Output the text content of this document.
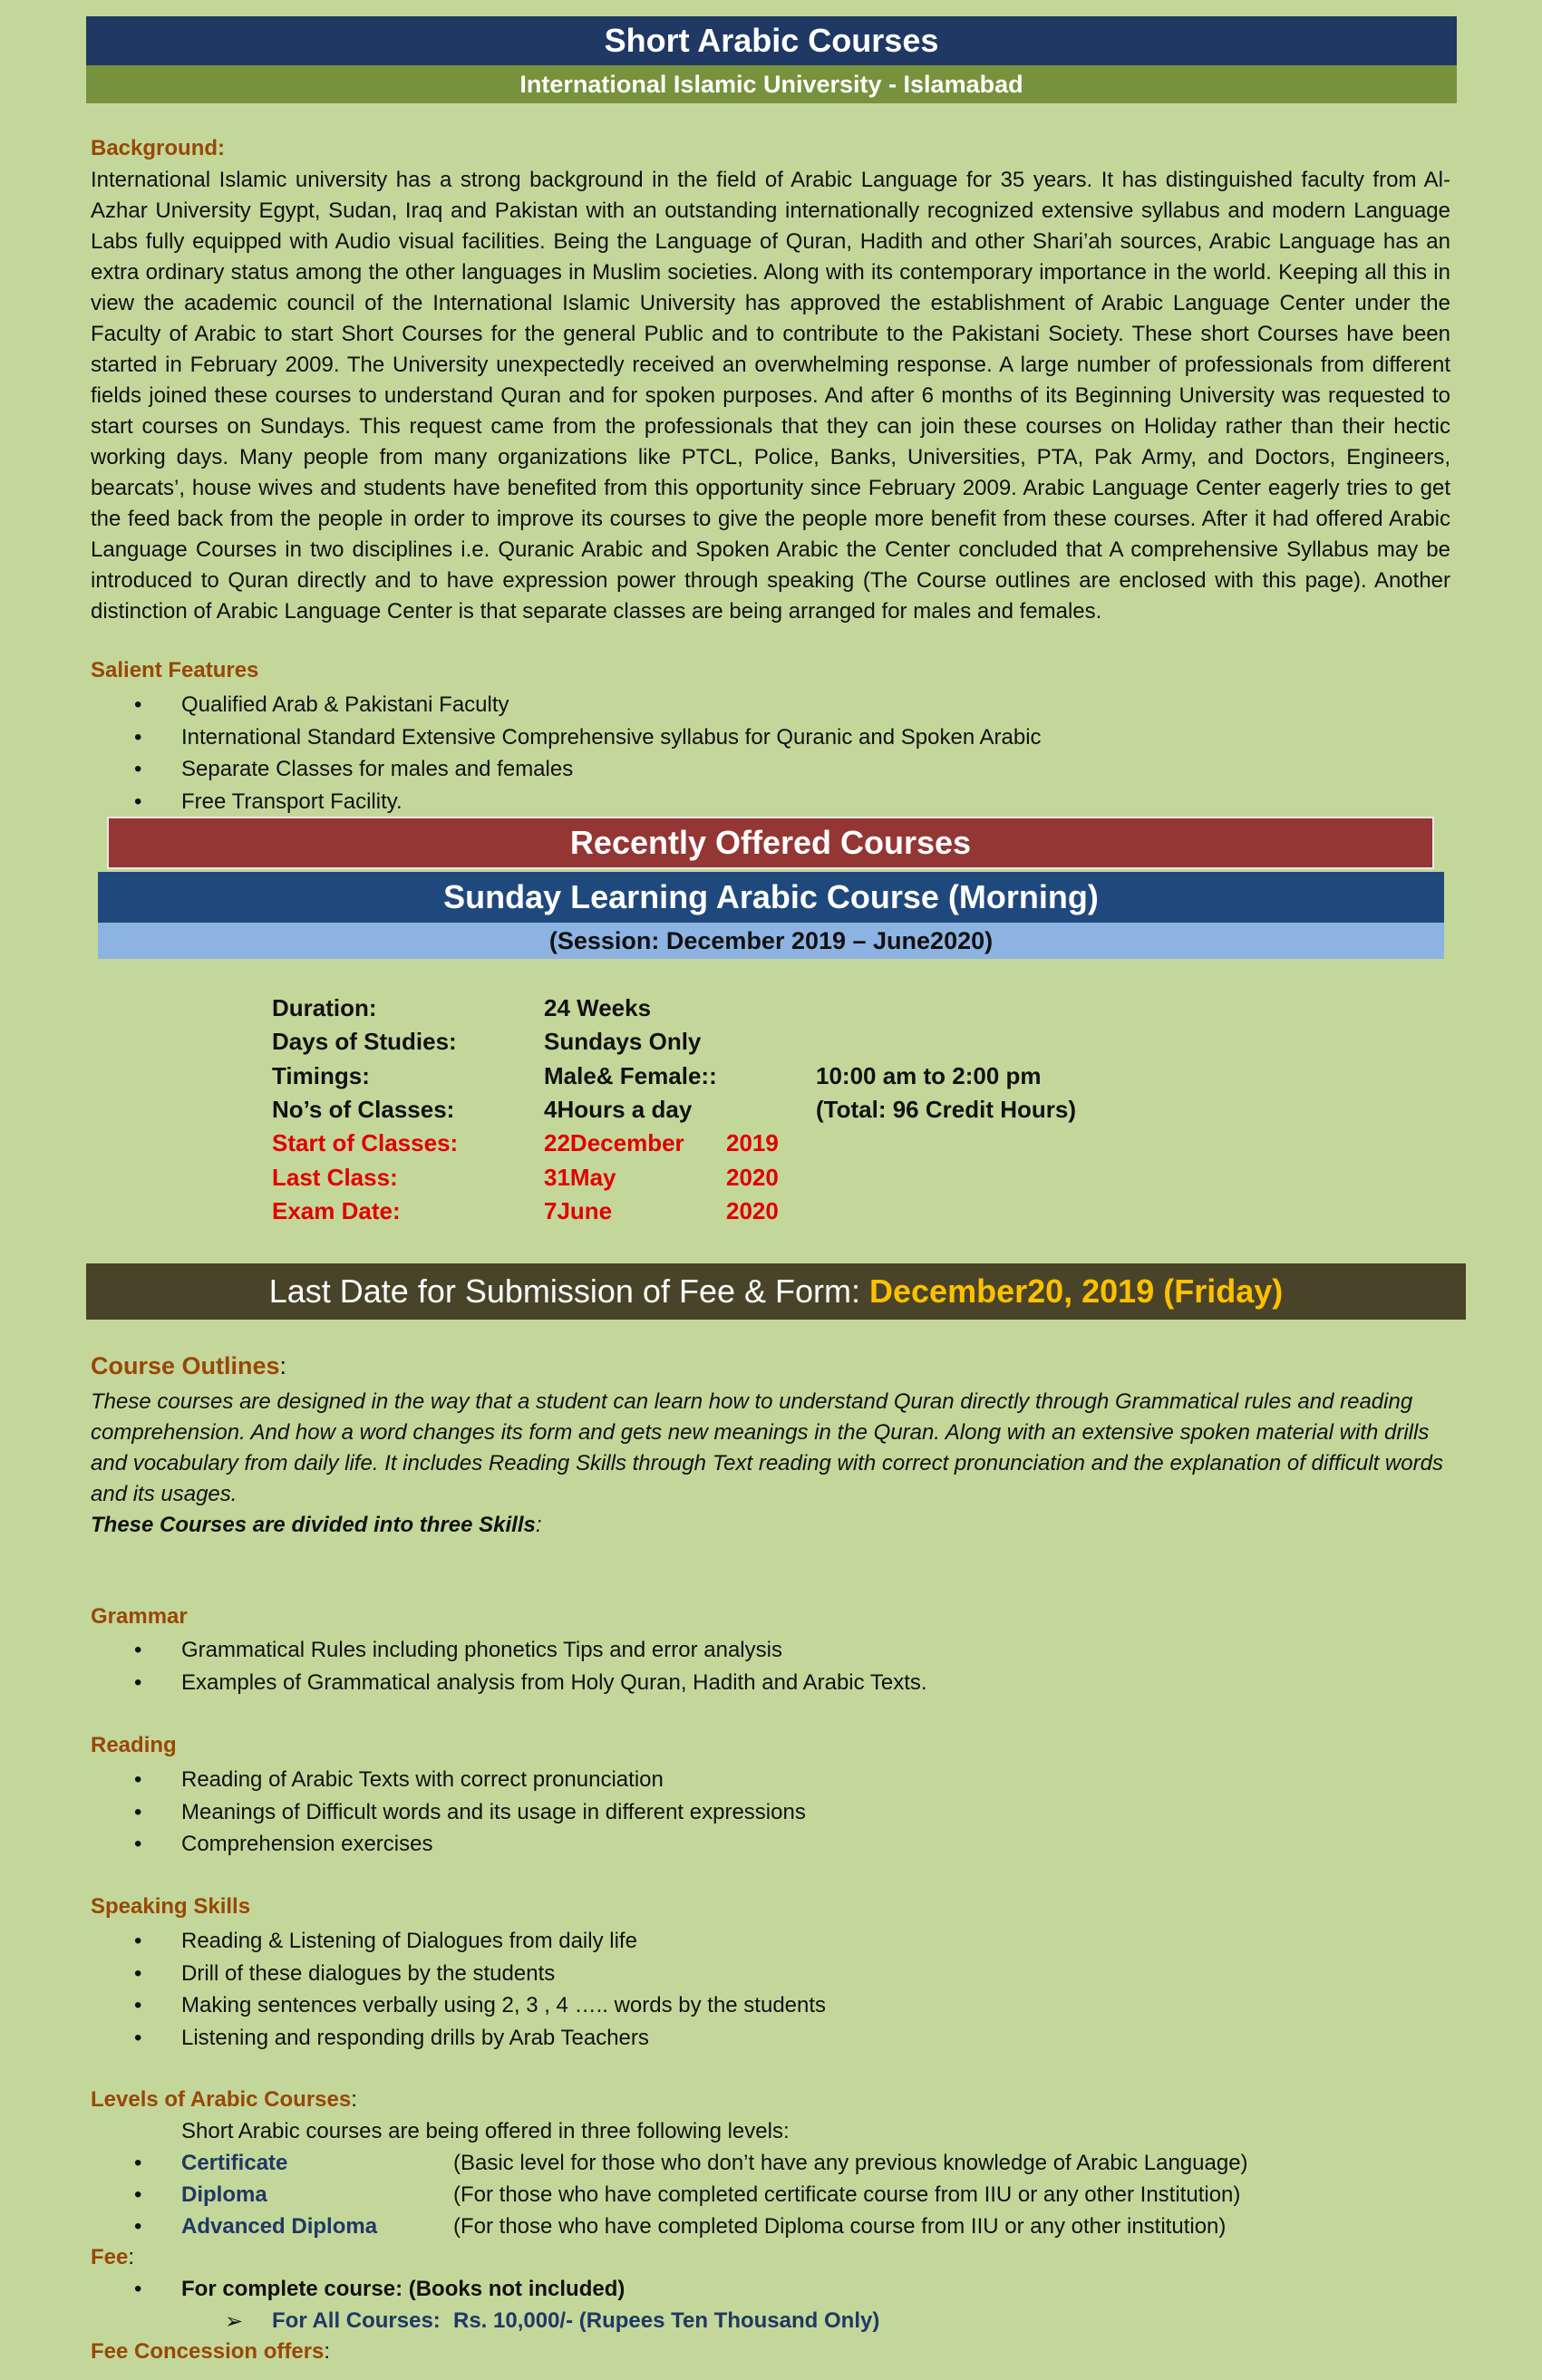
Short Arabic Courses
International Islamic University - Islamabad
Background:
International Islamic university has a strong background in the field of Arabic Language for 35 years. It has distinguished faculty from Al-Azhar University Egypt, Sudan, Iraq and Pakistan with an outstanding internationally recognized extensive syllabus and modern Language Labs fully equipped with Audio visual facilities. Being the Language of Quran, Hadith and other Shari’ah sources, Arabic Language has an extra ordinary status among the other languages in Muslim societies. Along with its contemporary importance in the world. Keeping all this in view the academic council of the International Islamic University has approved the establishment of Arabic Language Center under the Faculty of Arabic to start Short Courses for the general Public and to contribute to the Pakistani Society. These short Courses have been started in February 2009. The University unexpectedly received an overwhelming response. A large number of professionals from different fields joined these courses to understand Quran and for spoken purposes. And after 6 months of its Beginning University was requested to start courses on Sundays. This request came from the professionals that they can join these courses on Holiday rather than their hectic working days. Many people from many organizations like PTCL, Police, Banks, Universities, PTA, Pak Army, and Doctors, Engineers, bearcats’, house wives and students have benefited from this opportunity since February 2009. Arabic Language Center eagerly tries to get the feed back from the people in order to improve its courses to give the people more benefit from these courses. After it had offered Arabic Language Courses in two disciplines i.e. Quranic Arabic and Spoken Arabic the Center concluded that A comprehensive Syllabus may be introduced to Quran directly and to have expression power through speaking (The Course outlines are enclosed with this page). Another distinction of Arabic Language Center is that separate classes are being arranged for males and females.
Salient Features
• Qualified Arab & Pakistani Faculty
• International Standard Extensive Comprehensive syllabus for Quranic and Spoken Arabic
• Separate Classes for males and females
• Free Transport Facility.
Recently Offered Courses
Sunday Learning Arabic Course (Morning)
(Session: December 2019 – June2020)
Duration:	24 Weeks
Days of Studies:	Sundays Only
Timings:	Male& Female::	10:00 am to 2:00 pm
No’s of Classes:	4Hours a day	(Total: 96 Credit Hours)
Start of Classes:	22December 2019
Last Class:	31May	2020
Exam Date:	7June	2020
Last Date for Submission of Fee & Form: December20, 2019 (Friday)
Course Outlines:
These courses are designed in the way that a student can learn how to understand Quran directly through Grammatical rules and reading comprehension. And how a word changes its form and gets new meanings in the Quran. Along with an extensive spoken material with drills and vocabulary from daily life. It includes Reading Skills through Text reading with correct pronunciation and the explanation of difficult words and its usages.
These Courses are divided into three Skills:
Grammar
• Grammatical Rules including phonetics Tips and error analysis
• Examples of Grammatical analysis from Holy Quran, Hadith and Arabic Texts.
Reading
• Reading of Arabic Texts with correct pronunciation
• Meanings of Difficult words and its usage in different expressions
• Comprehension exercises
Speaking Skills
• Reading & Listening of Dialogues from daily life
• Drill of these dialogues by the students
• Making sentences verbally using 2, 3 , 4 ….. words by the students
• Listening and responding drills by Arab Teachers
Levels of Arabic Courses:
Short Arabic courses are being offered in three following levels:
• Certificate	(Basic level for those who don’t have any previous knowledge of Arabic Language)
• Diploma	(For those who have completed certificate course from IIU or any other Institution)
• Advanced Diploma	(For those who have completed Diploma course from IIU or any other institution)
Fee:
• For complete course: (Books not included)
➢ For All Courses: Rs. 10,000/- (Rupees Ten Thousand Only)
Fee Concession offers:
